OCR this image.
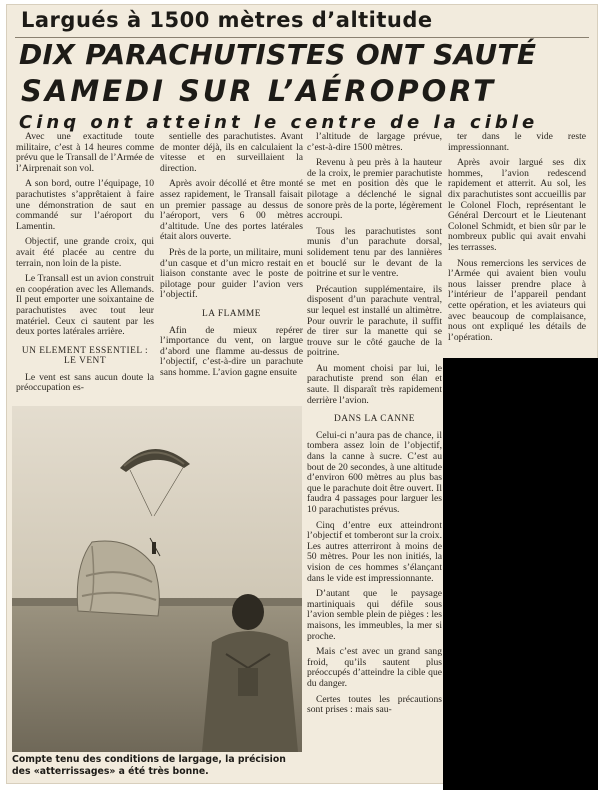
Largués à 1500 mètres d’altitude
DIX PARACHUTISTES ONT SAUTÉ
SAMEDI SUR L’AÉROPORT
Cinq ont atteint le centre de la cible

Avec une exactitude toute militaire, c’est à 14 heures comme prévu que le Transall de l’Armée de l’Airprenait son vol.

A son bord, outre l’équipage, 10 parachutistes s’apprêtaient à faire une démonstration de saut en commandé sur l’aéroport du Lamentin.

Objectif, une grande croix, qui avait été placée au centre du terrain, non loin de la piste.

Le Transall est un avion construit en coopération avec les Allemands. Il peut emporter une soixantaine de parachutistes avec tout leur matériel. Ceux ci sautent par les deux portes latérales arrière.

UN ELEMENT ESSENTIEL : LE VENT

Le vent est sans aucun doute la préoccupation es-

sentielle des parachutistes. Avant de monter déjà, ils en calculaient la vitesse et en surveillaient la direction.

Après avoir décollé et être monté assez rapidement, le Transall faisait un premier passage au dessus de l’aéroport, vers 6 00 mètres d’altitude. Une des portes latérales était alors ouverte.

Près de la porte, un militaire, muni d’un casque et d’un micro restait en liaison constante avec le poste de pilotage pour guider l’avion vers l’objectif.

LA FLAMME

Afin de mieux repérer l’importance du vent, on largue d’abord une flamme au-dessus de l’objectif, c’est-à-dire un parachute sans homme. L’avion gagne ensuite

l’altitude de largage prévue, c’est-à-dire 1500 mètres.

Revenu à peu près à la hauteur de la croix, le premier parachutiste se met en position dès que le pilotage a déclenché le signal sonore près de la porte, légèrement accroupi.

Tous les parachutistes sont munis d’un parachute dorsal, solidement tenu par des lannières et bouclé sur le devant de la poitrine et sur le ventre.

Précaution supplémentaire, ils disposent d’un parachute ventral, sur lequel est installé un altimètre. Pour ouvrir le parachute, il suffit de tirer sur la manette qui se trouve sur le côté gauche de la poitrine.

Au moment choisi par lui, le parachutiste prend son élan et saute. Il disparaît très rapidement derrière l’avion.

DANS LA CANNE

Celui-ci n’aura pas de chance, il tombera assez loin de l’objectif, dans la canne à sucre. C’est au bout de 20 secondes, à une altitude d’environ 600 mètres au plus bas que le parachute doit être ouvert. Il faudra 4 passages pour larguer les 10 parachutistes prévus.

Cinq d’entre eux atteindront l’objectif et tomberont sur la croix. Les autres atterriront à moins de 50 mètres. Pour les non initiés, la vision de ces hommes s’élançant dans le vide est impressionnante.

D’autant que le paysage martiniquais qui défile sous l’avion semble plein de pièges : les maisons, les immeubles, la mer si proche.

Mais c’est avec un grand sang froid, qu’ils sautent plus préoccupés d’atteindre la cible que du danger.

Certes toutes les précautions sont prises : mais sau-

ter dans le vide reste impressionnant.

Après avoir largué ses dix hommes, l’avion redescend rapidement et atterrit. Au sol, les dix parachutistes sont accueillis par le Colonel Floch, représentant le Général Dercourt et le Lieutenant Colonel Schmidt, et bien sûr par le nombreux public qui avait envahi les terrasses.

Nous remercions les services de l’Armée qui avaient bien voulu nous laisser prendre place à l’intérieur de l’appareil pendant cette opération, et les aviateurs qui avec beaucoup de complaisance, nous ont expliqué les détails de l’opération.

Compte tenu des conditions de largage, la précision des «atterrissages» a été très bonne.
